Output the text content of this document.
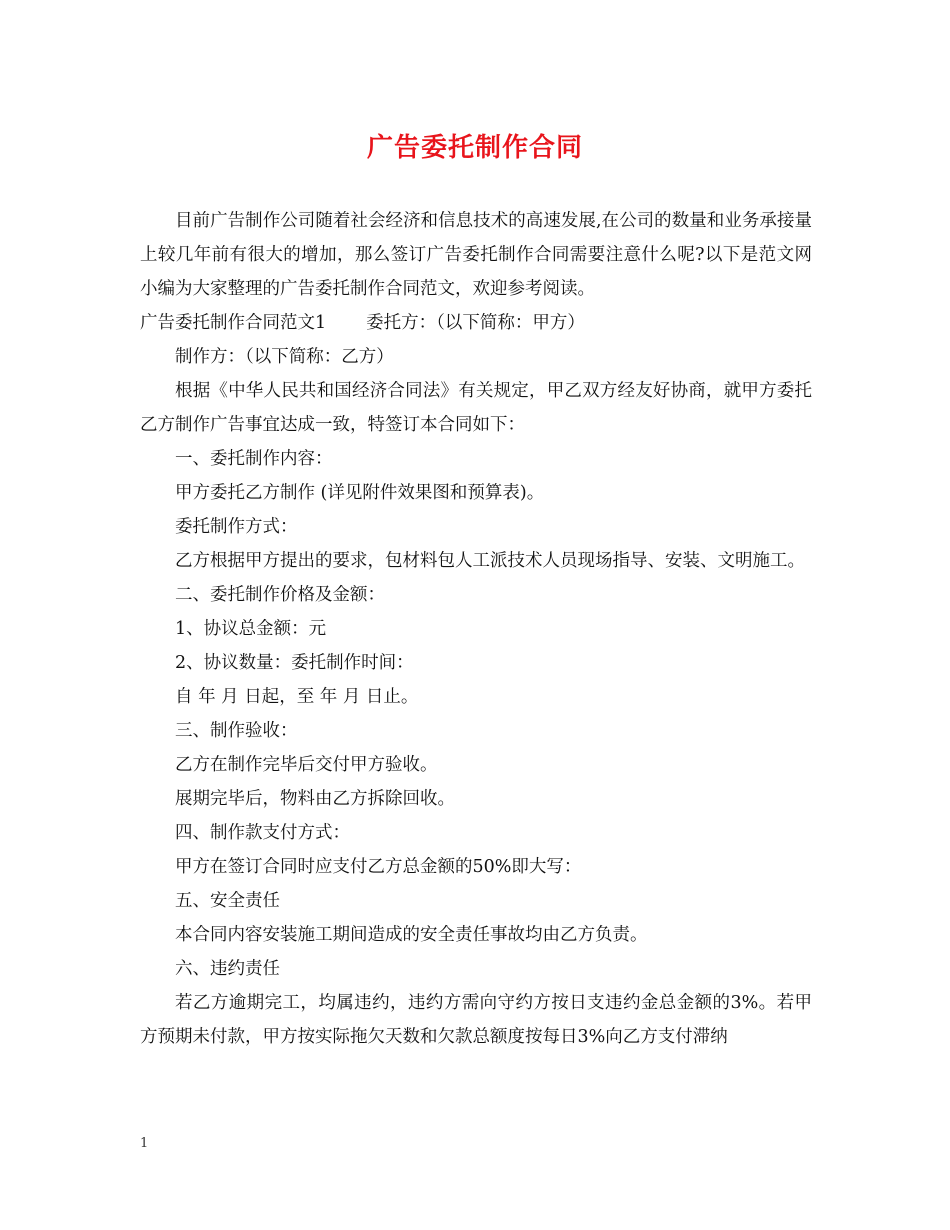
广告委托制作合同

目前广告制作公司随着社会经济和信息技术的高速发展,在公司的数量和业务承接量上较几年前有很大的增加，那么签订广告委托制作合同需要注意什么呢?以下是范文网小编为大家整理的广告委托制作合同范文，欢迎参考阅读。

广告委托制作合同范文1 委托方：（以下简称：甲方）

制作方：（以下简称：乙方）

根据《中华人民共和国经济合同法》有关规定，甲乙双方经友好协商，就甲方委托乙方制作广告事宜达成一致，特签订本合同如下：

一、委托制作内容：

甲方委托乙方制作 (详见附件效果图和预算表)。

委托制作方式：

乙方根据甲方提出的要求，包材料包人工派技术人员现场指导、安装、文明施工。

二、委托制作价格及金额：

1、协议总金额：元

2、协议数量：委托制作时间：

自 年 月 日起，至 年 月 日止。

三、制作验收：

乙方在制作完毕后交付甲方验收。

展期完毕后，物料由乙方拆除回收。

四、制作款支付方式：

甲方在签订合同时应支付乙方总金额的50%即大写：

五、安全责任

本合同内容安装施工期间造成的安全责任事故均由乙方负责。

六、违约责任

若乙方逾期完工，均属违约，违约方需向守约方按日支违约金总金额的3%。若甲方预期未付款，甲方按实际拖欠天数和欠款总额度按每日3%向乙方支付滞纳

1
